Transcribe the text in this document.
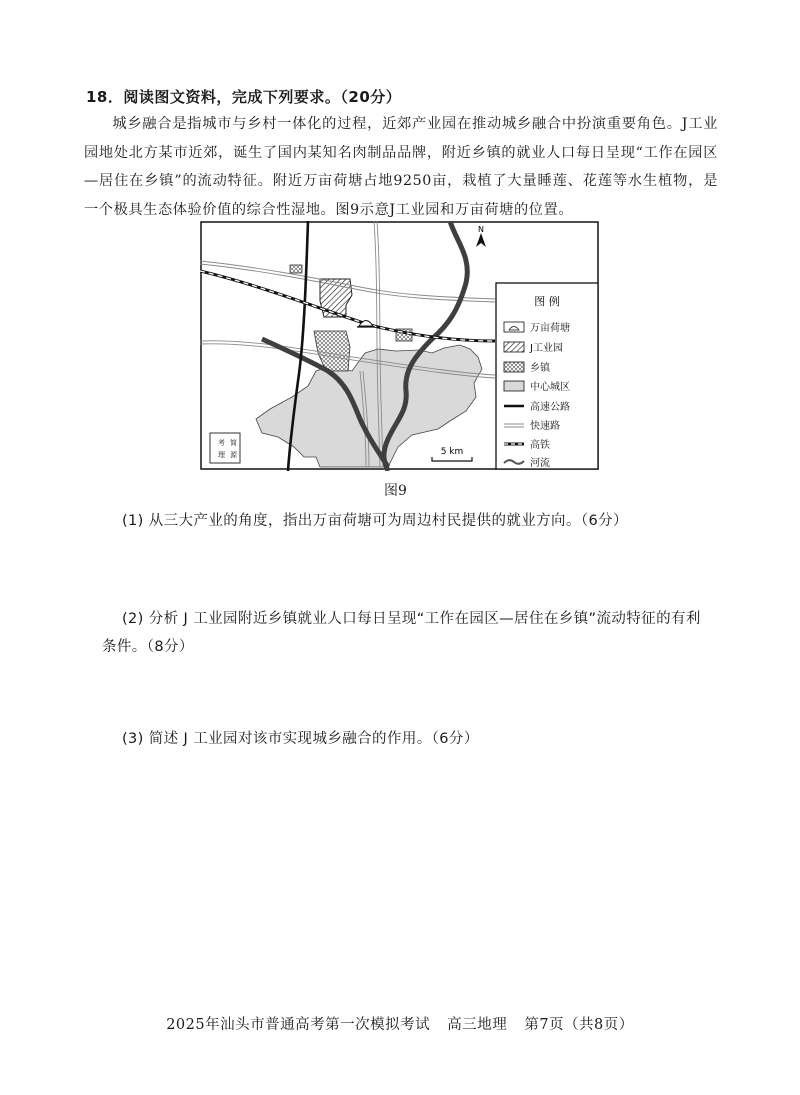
18．阅读图文资料，完成下列要求。（20分）
城乡融合是指城市与乡村一体化的过程，近郊产业园在推动城乡融合中扮演重要角色。J工业园地处北方某市近郊，诞生了国内某知名肉制品品牌，附近乡镇的就业人口每日呈现“工作在园区—居住在乡镇”的流动特征。附近万亩荷塘占地9250亩，栽植了大量睡莲、花莲等水生植物，是一个极具生态体验价值的综合性湿地。图9示意J工业园和万亩荷塘的位置。
N
考
理
简
源
图 例
万亩荷塘
J工业园
乡镇
中心城区
高速公路
快速路
高铁
河流
5 km
图9
(1) 从三大产业的角度，指出万亩荷塘可为周边村民提供的就业方向。（6分）
(2) 分析 J 工业园附近乡镇就业人口每日呈现“工作在园区—居住在乡镇”流动特征的有利条件。（8分）
(3) 简述 J 工业园对该市实现城乡融合的作用。（6分）
2025年汕头市普通高考第一次模拟考试 高三地理 第7页（共8页）
